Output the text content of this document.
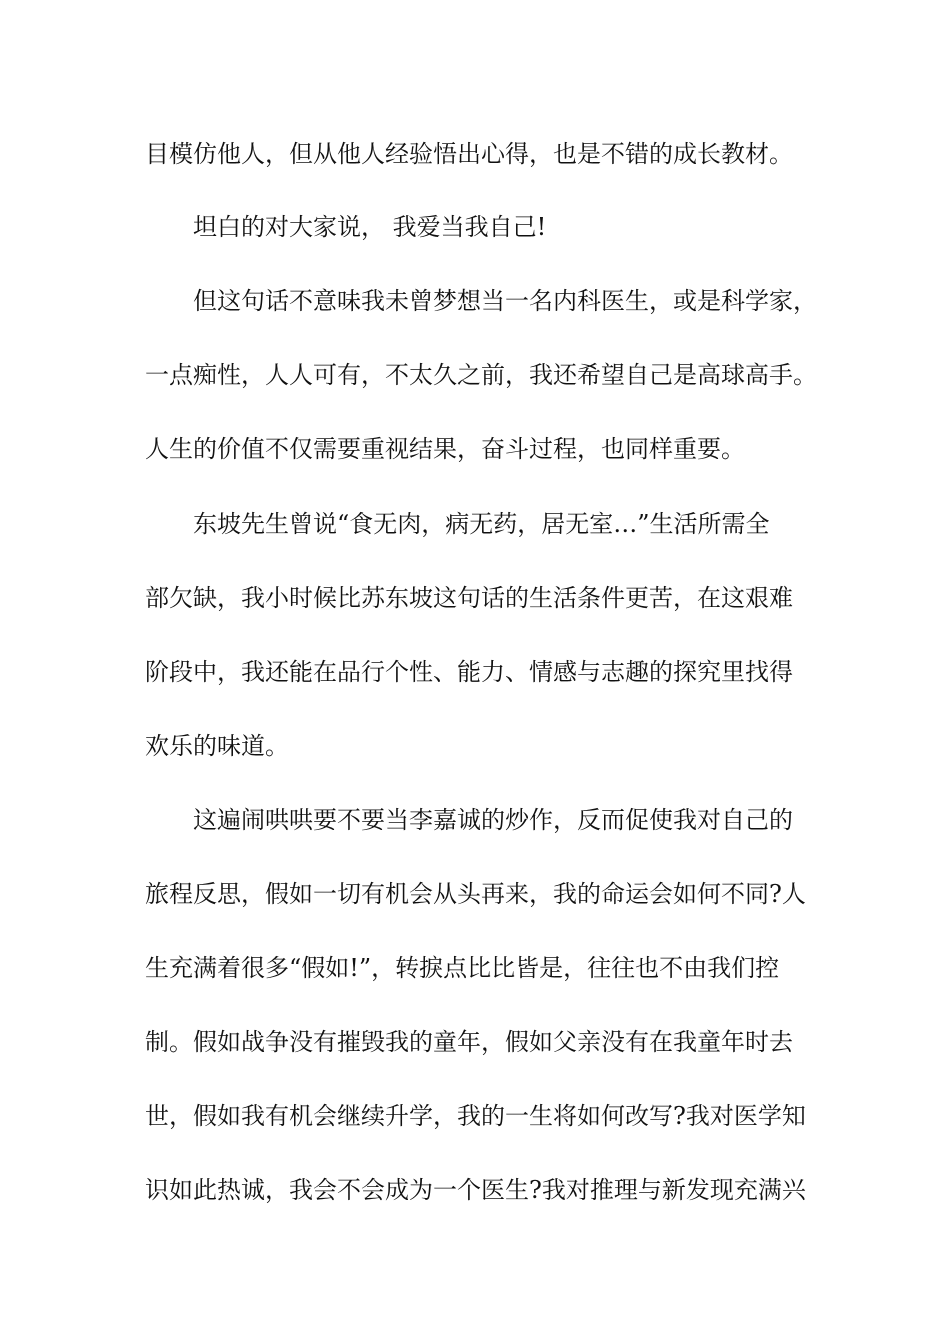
目模仿他人，但从他人经验悟出心得，也是不错的成长教材。
坦白的对大家说， 我爱当我自己!
但这句话不意味我未曾梦想当一名内科医生，或是科学家，
一点痴性，人人可有，不太久之前，我还希望自己是高球高手。
人生的价值不仅需要重视结果，奋斗过程，也同样重要。
东坡先生曾说“食无肉，病无药，居无室…”生活所需全
部欠缺，我小时候比苏东坡这句话的生活条件更苦，在这艰难
阶段中，我还能在品行个性、能力、情感与志趣的探究里找得
欢乐的味道。
这遍闹哄哄要不要当李嘉诚的炒作，反而促使我对自己的
旅程反思，假如一切有机会从头再来，我的命运会如何不同?人
生充满着很多“假如!”，转捩点比比皆是，往往也不由我们控
制。假如战争没有摧毁我的童年，假如父亲没有在我童年时去
世，假如我有机会继续升学，我的一生将如何改写?我对医学知
识如此热诚，我会不会成为一个医生?我对推理与新发现充满兴
